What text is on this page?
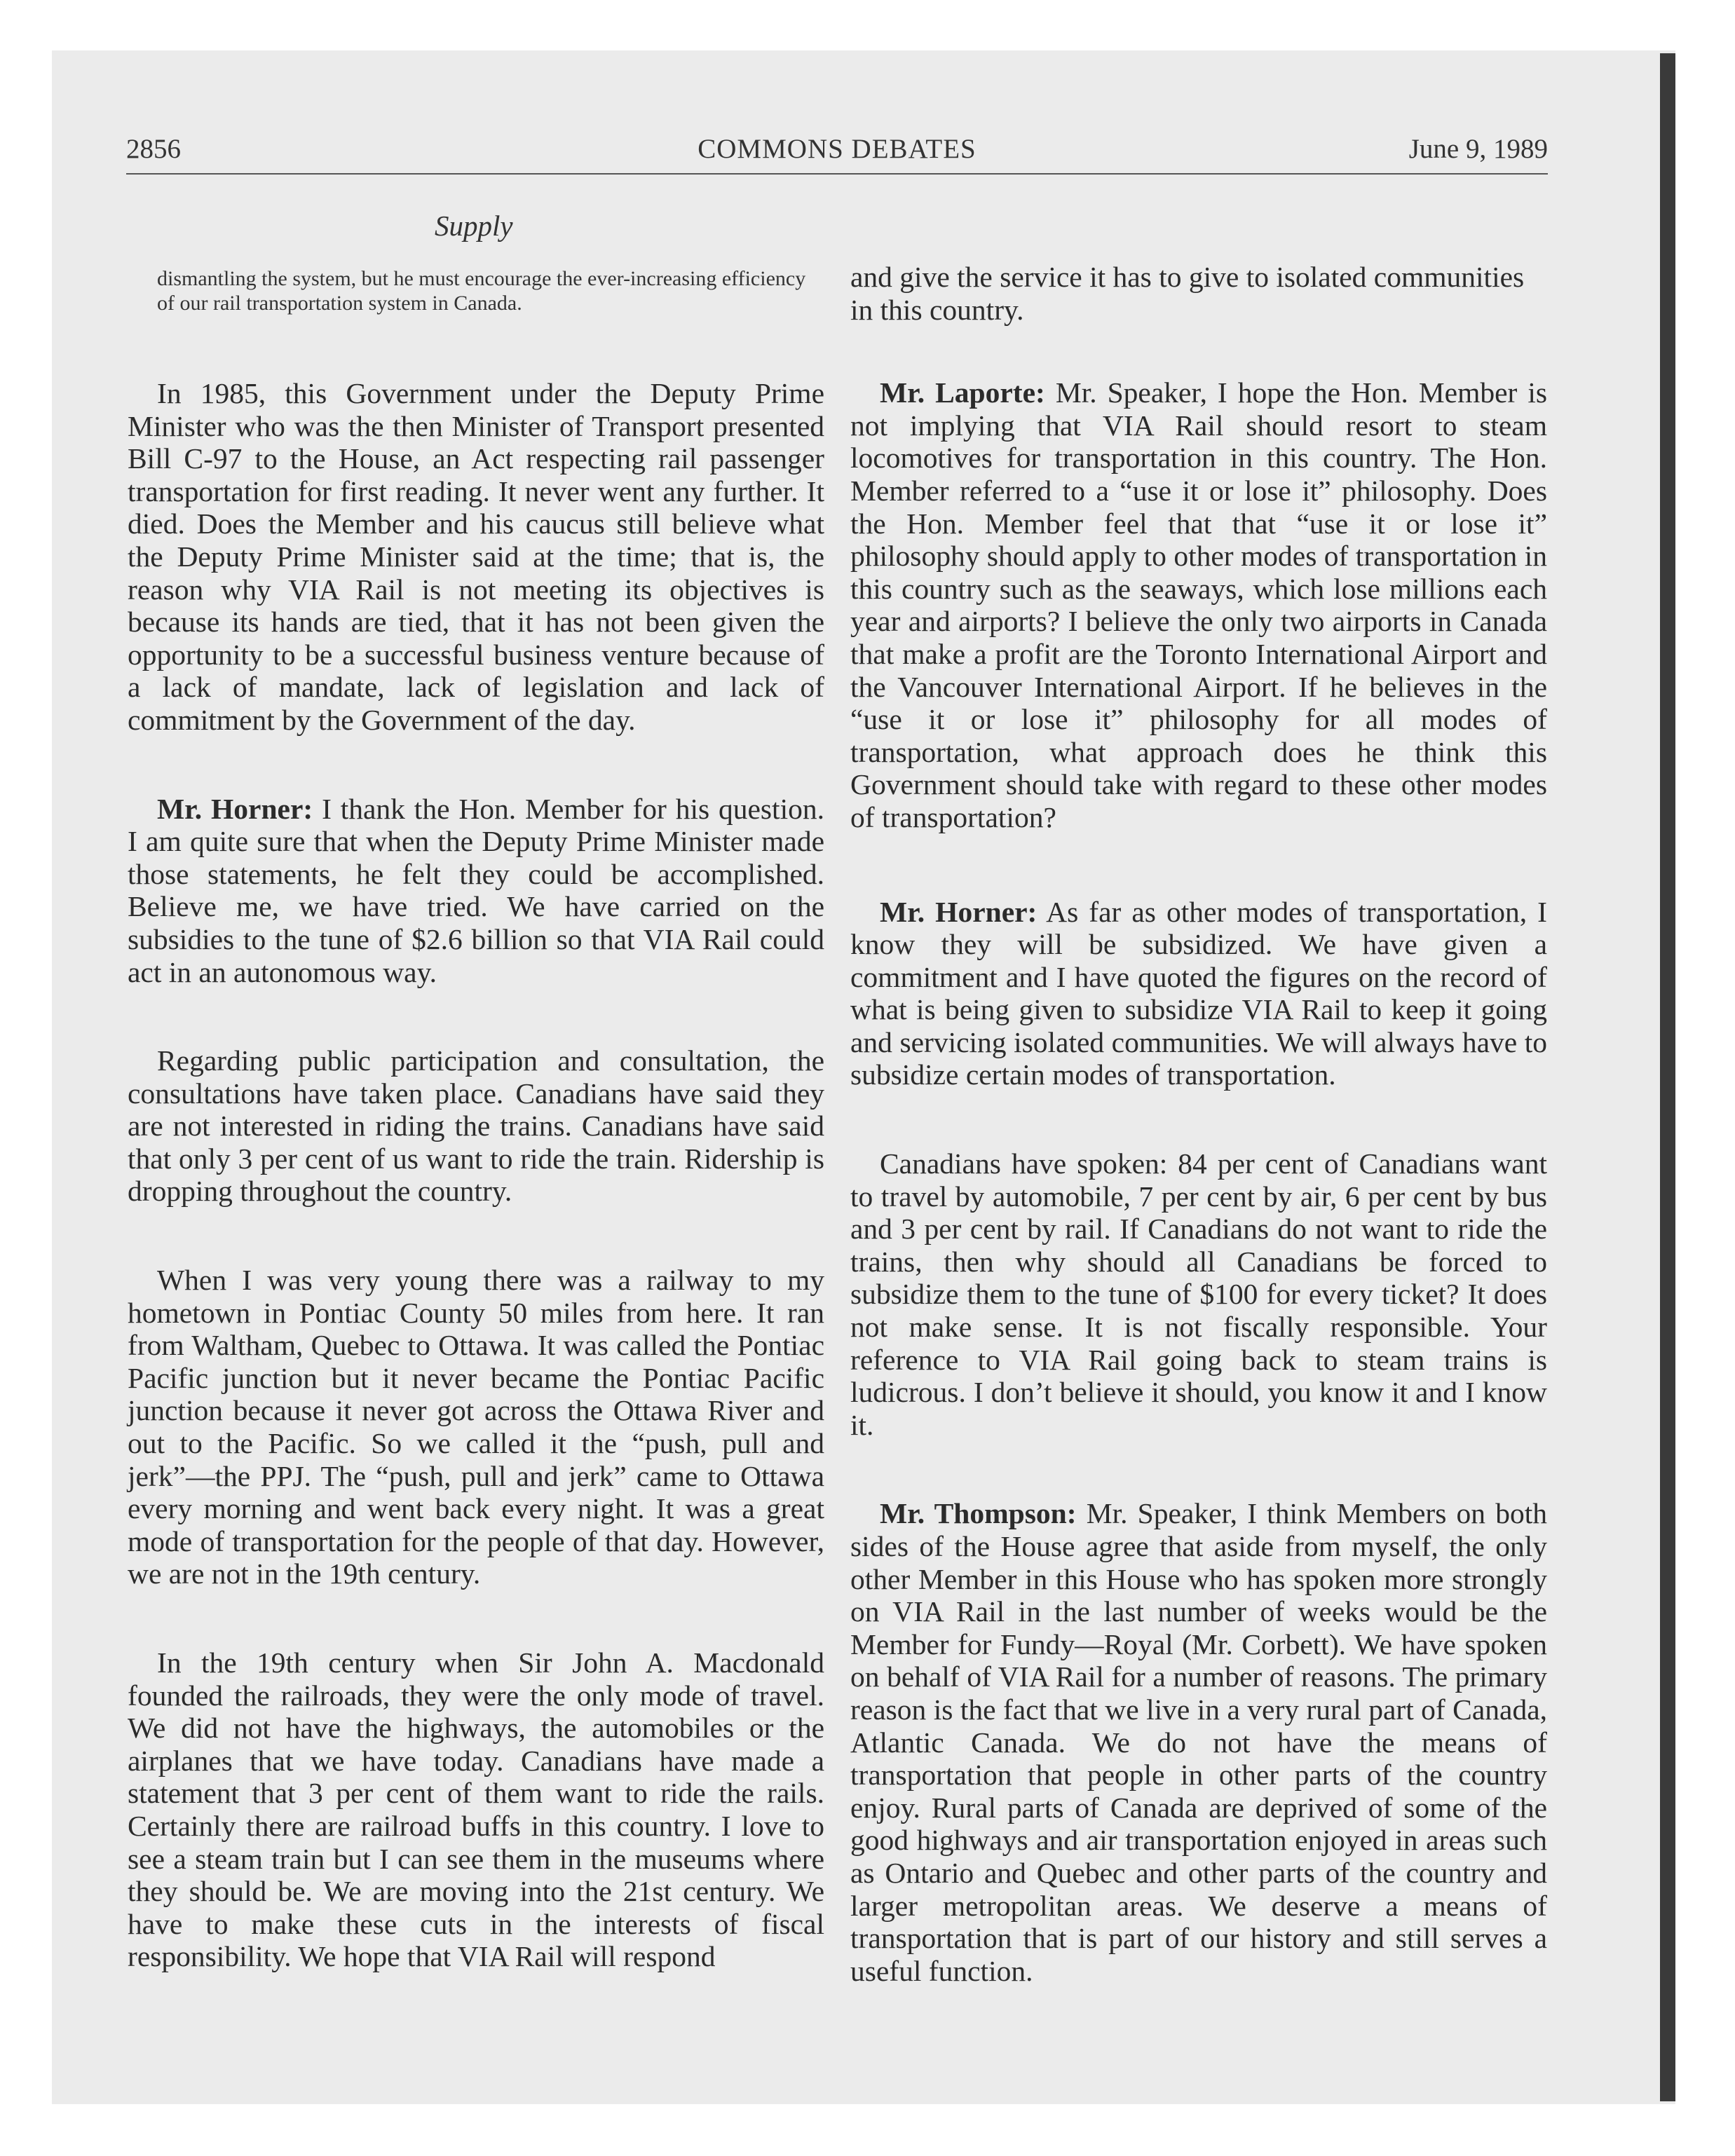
2856	COMMONS DEBATES	June 9, 1989
Supply

dismantling the system, but he must encourage the ever-increasing efficiency of our rail transportation system in Canada.

In 1985, this Government under the Deputy Prime Minister who was the then Minister of Transport presented Bill C-97 to the House, an Act respecting rail passenger transportation for first reading. It never went any further. It died. Does the Member and his caucus still believe what the Deputy Prime Minister said at the time; that is, the reason why VIA Rail is not meeting its objectives is because its hands are tied, that it has not been given the opportunity to be a successful business venture because of a lack of mandate, lack of legislation and lack of commitment by the Government of the day.

Mr. Horner: I thank the Hon. Member for his question. I am quite sure that when the Deputy Prime Minister made those statements, he felt they could be accomplished. Believe me, we have tried. We have carried on the subsidies to the tune of $2.6 billion so that VIA Rail could act in an autonomous way.

Regarding public participation and consultation, the consultations have taken place. Canadians have said they are not interested in riding the trains. Canadians have said that only 3 per cent of us want to ride the train. Ridership is dropping throughout the country.

When I was very young there was a railway to my hometown in Pontiac County 50 miles from here. It ran from Waltham, Quebec to Ottawa. It was called the Pontiac Pacific junction but it never became the Pontiac Pacific junction because it never got across the Ottawa River and out to the Pacific. So we called it the “push, pull and jerk”—the PPJ. The “push, pull and jerk” came to Ottawa every morning and went back every night. It was a great mode of transportation for the people of that day. However, we are not in the 19th century.

In the 19th century when Sir John A. Macdonald founded the railroads, they were the only mode of travel. We did not have the highways, the automobiles or the airplanes that we have today. Canadians have made a statement that 3 per cent of them want to ride the rails. Certainly there are railroad buffs in this country. I love to see a steam train but I can see them in the museums where they should be. We are moving into the 21st century. We have to make these cuts in the interests of fiscal responsibility. We hope that VIA Rail will respond

and give the service it has to give to isolated communities in this country.

Mr. Laporte: Mr. Speaker, I hope the Hon. Member is not implying that VIA Rail should resort to steam locomotives for transportation in this country. The Hon. Member referred to a “use it or lose it” philosophy. Does the Hon. Member feel that that “use it or lose it” philosophy should apply to other modes of transportation in this country such as the seaways, which lose millions each year and airports? I believe the only two airports in Canada that make a profit are the Toronto International Airport and the Vancouver International Airport. If he believes in the “use it or lose it” philosophy for all modes of transportation, what approach does he think this Government should take with regard to these other modes of transportation?

Mr. Horner: As far as other modes of transportation, I know they will be subsidized. We have given a commitment and I have quoted the figures on the record of what is being given to subsidize VIA Rail to keep it going and servicing isolated communities. We will always have to subsidize certain modes of transportation.

Canadians have spoken: 84 per cent of Canadians want to travel by automobile, 7 per cent by air, 6 per cent by bus and 3 per cent by rail. If Canadians do not want to ride the trains, then why should all Canadians be forced to subsidize them to the tune of $100 for every ticket? It does not make sense. It is not fiscally responsible. Your reference to VIA Rail going back to steam trains is ludicrous. I don’t believe it should, you know it and I know it.

Mr. Thompson: Mr. Speaker, I think Members on both sides of the House agree that aside from myself, the only other Member in this House who has spoken more strongly on VIA Rail in the last number of weeks would be the Member for Fundy—Royal (Mr. Corbett). We have spoken on behalf of VIA Rail for a number of reasons. The primary reason is the fact that we live in a very rural part of Canada, Atlantic Canada. We do not have the means of transportation that people in other parts of the country enjoy. Rural parts of Canada are deprived of some of the good highways and air transportation enjoyed in areas such as Ontario and Quebec and other parts of the country and larger metropolitan areas. We deserve a means of transportation that is part of our history and still serves a useful function.
